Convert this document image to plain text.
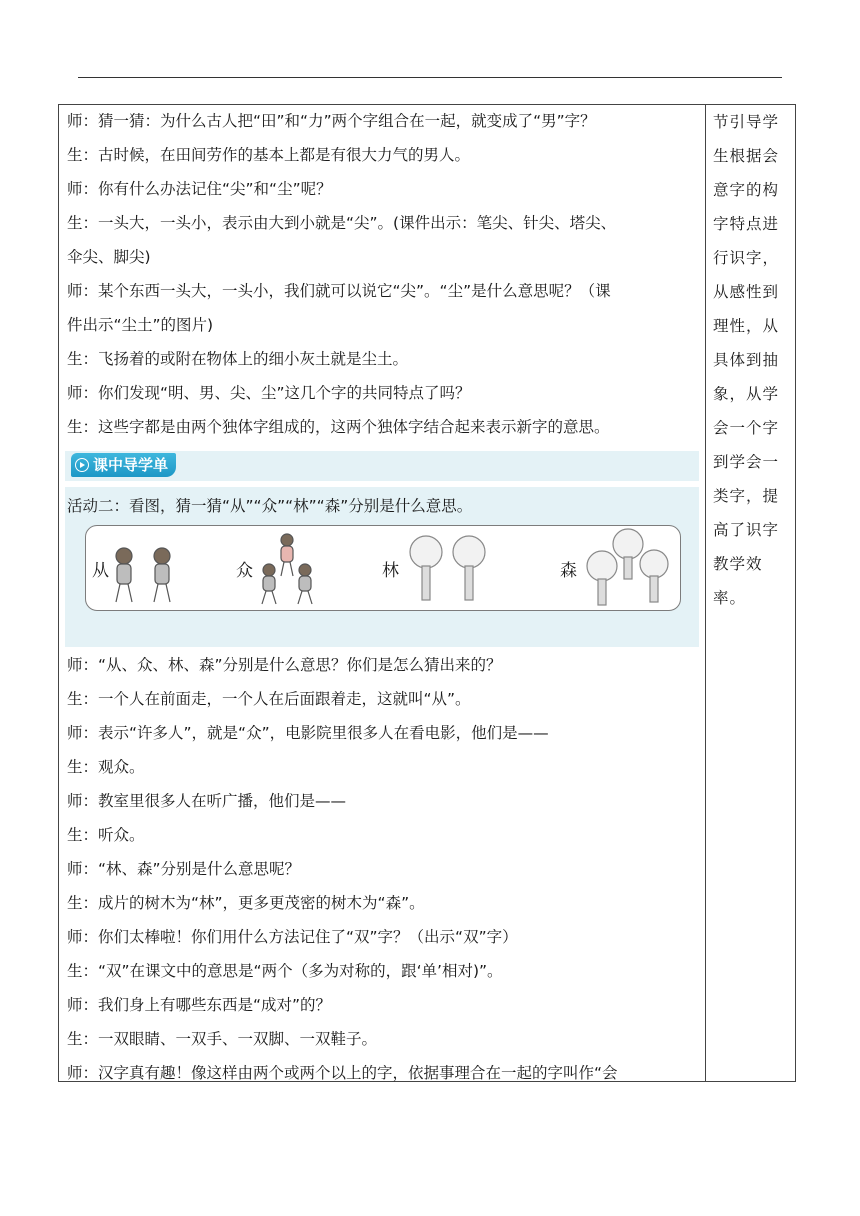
师：猜一猜：为什么古人把“田”和“力”两个字组合在一起，就变成了“男”字？
生：古时候，在田间劳作的基本上都是有很大力气的男人。
师：你有什么办法记住“尖”和“尘”呢？
生：一头大，一头小，表示由大到小就是“尖”。(课件出示：笔尖、针尖、塔尖、
伞尖、脚尖)
师：某个东西一头大，一头小，我们就可以说它“尖”。“尘”是什么意思呢？（课
件出示“尘土”的图片)
生：飞扬着的或附在物体上的细小灰土就是尘土。
师：你们发现“明、男、尖、尘”这几个字的共同特点了吗？
生：这些字都是由两个独体字组成的，这两个独体字结合起来表示新字的意思。
课中导学单
活动二：看图，猜一猜“从”“众”“林”“森”分别是什么意思。
从	众	林	森
师：“从、众、林、森”分别是什么意思？你们是怎么猜出来的？
生：一个人在前面走，一个人在后面跟着走，这就叫“从”。
师：表示“许多人”，就是“众”，电影院里很多人在看电影，他们是——
生：观众。
师：教室里很多人在听广播，他们是——
生：听众。
师：“林、森”分别是什么意思呢？
生：成片的树木为“林”，更多更茂密的树木为“森”。
师：你们太棒啦！你们用什么方法记住了“双”字？（出示“双”字）
生：“双”在课文中的意思是“两个（多为对称的，跟‘单’相对)”。
师：我们身上有哪些东西是“成对”的？
生：一双眼睛、一双手、一双脚、一双鞋子。
师：汉字真有趣！像这样由两个或两个以上的字，依据事理合在一起的字叫作“会
节引导学
生根据会
意字的构
字特点进
行识字，
从感性到
理性，从
具体到抽
象，从学
会一个字
到学会一
类字，提
高了识字
教学效
率。
